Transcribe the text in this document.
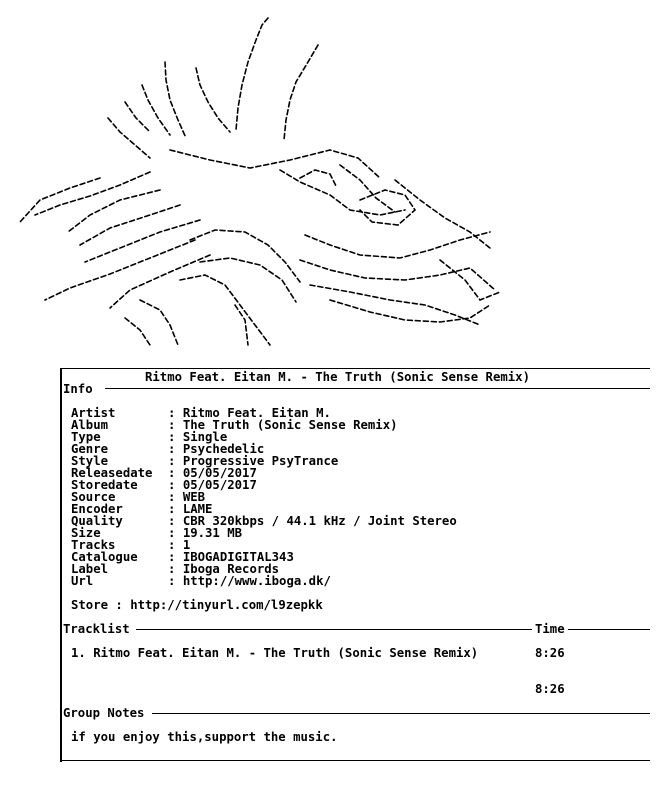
Ritmo Feat. Eitan M. - The Truth (Sonic Sense Remix)
Info
Artist	: Ritmo Feat. Eitan M.
Album	: The Truth (Sonic Sense Remix)
Type	: Single
Genre	: Psychedelic
Style	: Progressive PsyTrance
Releasedate : 05/05/2017
Storedate : 05/05/2017
Source	: WEB
Encoder	: LAME
Quality	: CBR 320kbps / 44.1 kHz / Joint Stereo
Size	: 19.31 MB
Tracks	: 1
Catalogue : IBOGADIGITAL343
Label	: Iboga Records
Url	: http://www.iboga.dk/
Store : http://tinyurl.com/l9zepkk
Tracklist	Time
1. Ritmo Feat. Eitan M. - The Truth (Sonic Sense Remix)	8:26
8:26
Group Notes
if you enjoy this,support the music.
